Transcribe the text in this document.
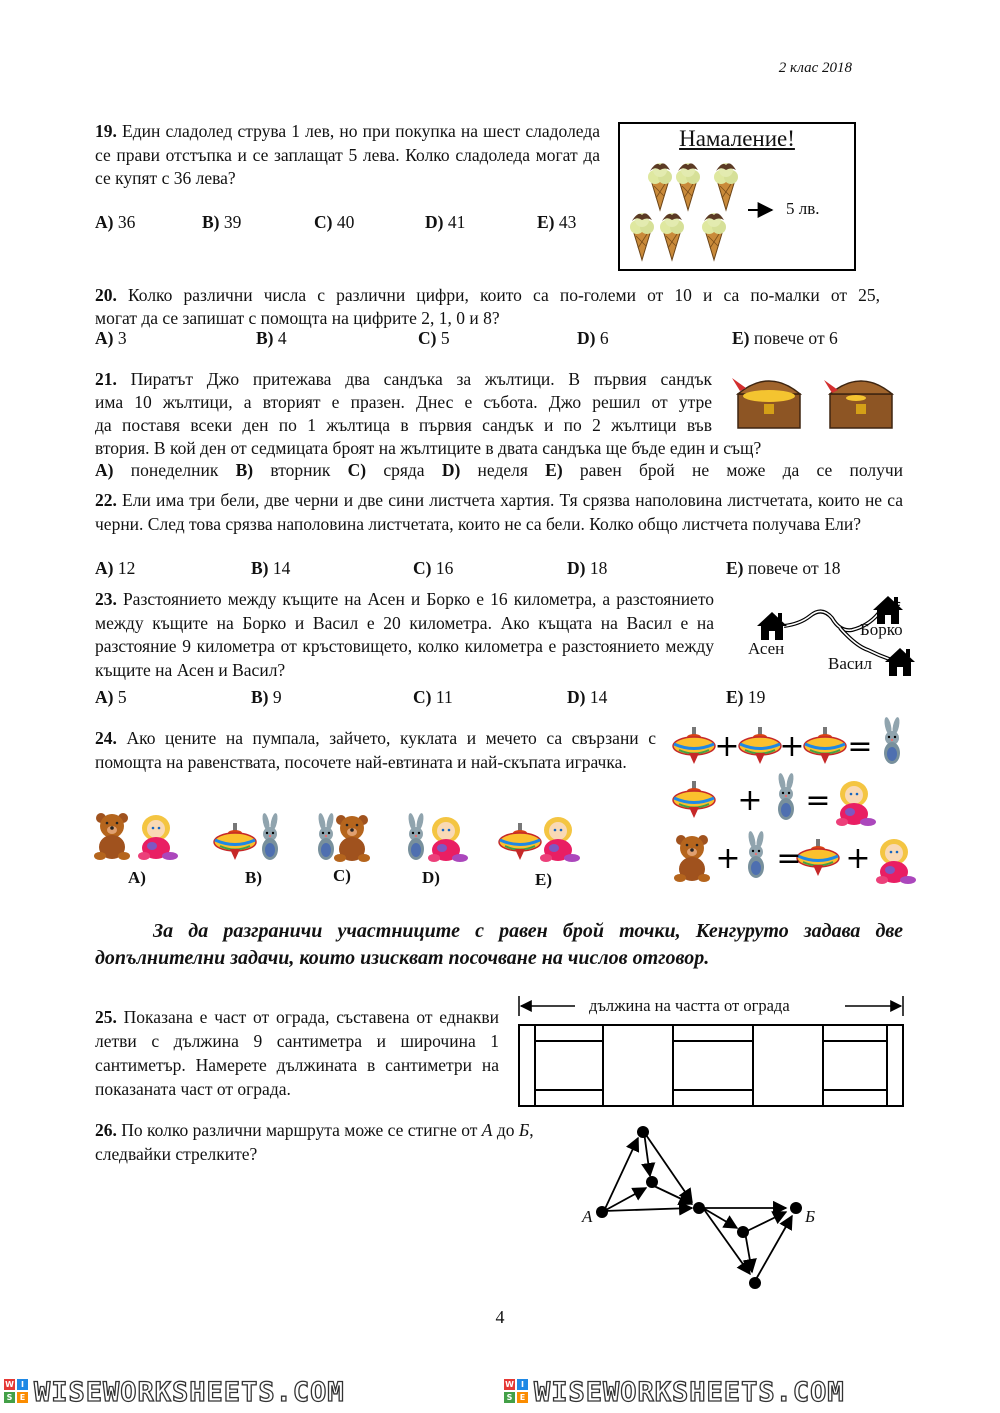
2 клас 2018
19. Един сладолед струва 1 лев, но при покупка на шест сладоледа се прави отстъпка и се заплащат 5 лева. Колко сладоледа могат да се купят с 36 лева?
A) 36	B) 39	C) 40	D) 41	E) 43
Намаление!
5 лв.
20. Колко различни числа с различни цифри, които са по-големи от 10 и са по-малки от 25,
могат да се запишат с помощта на цифрите 2, 1, 0 и 8?
A) 3	B) 4	C) 5	D) 6	E) повече от 6
21. Пиратът Джо притежава два сандъка за жълтици. В първия сандък
има 10 жълтици, а вторият е празен. Днес е събота. Джо решил от утре
да поставя всеки ден по 1 жълтица в първия сандък и по 2 жълтици във
втория. В кой ден от седмицата броят на жълтиците в двата сандъка ще бъде един и същ?
A) понеделник B) вторник C) сряда D) неделя E) равен брой не може да се получи
22. Ели има три бели, две черни и две сини листчета хартия. Тя срязва наполовина листчетата, които не са черни. След това срязва наполовина листчетата, които не са бели. Колко общо листчета получава Ели?
A) 12	B) 14	C) 16	D) 18	E) повече от 18
23. Разстоянието между къщите на Асен и Борко е 16 километра, а разстоянието между къщите на Борко и Васил е 20 километра. Ако къщата на Васил е на разстояние 9 километра от кръстовището, колко километра е разстоянието между къщите на Асен и Васил?
Асен
Борко
Васил
A) 5	B) 9	C) 11	D) 14	E) 19
24. Ако цените на пумпала, зайчето, куклата и мечето са свързани с помощта на равенствата, посочете най-евтината и най-скъпата играчка.	+ + =
+ =
+ = +
A)	B)	C)	D)	E)
За да разграничи участниците с равен брой точки, Кенгуруто задава две допълнителни задачи, които изискват посочване на числов отговор.
25. Показана е част от ограда, съставена от еднакви летви с дължина 9 сантиметра и широчина 1 сантиметър. Намерете дължината в сантиметри на показаната част от ограда.
дължина на частта от ограда
26. По колко различни маршрута може се стигне от А до Б, следвайки стрелките?
А	Б
4
W I
S E WISEWORKSHEETS.COM	W I
S E WISEWORKSHEETS.COM
